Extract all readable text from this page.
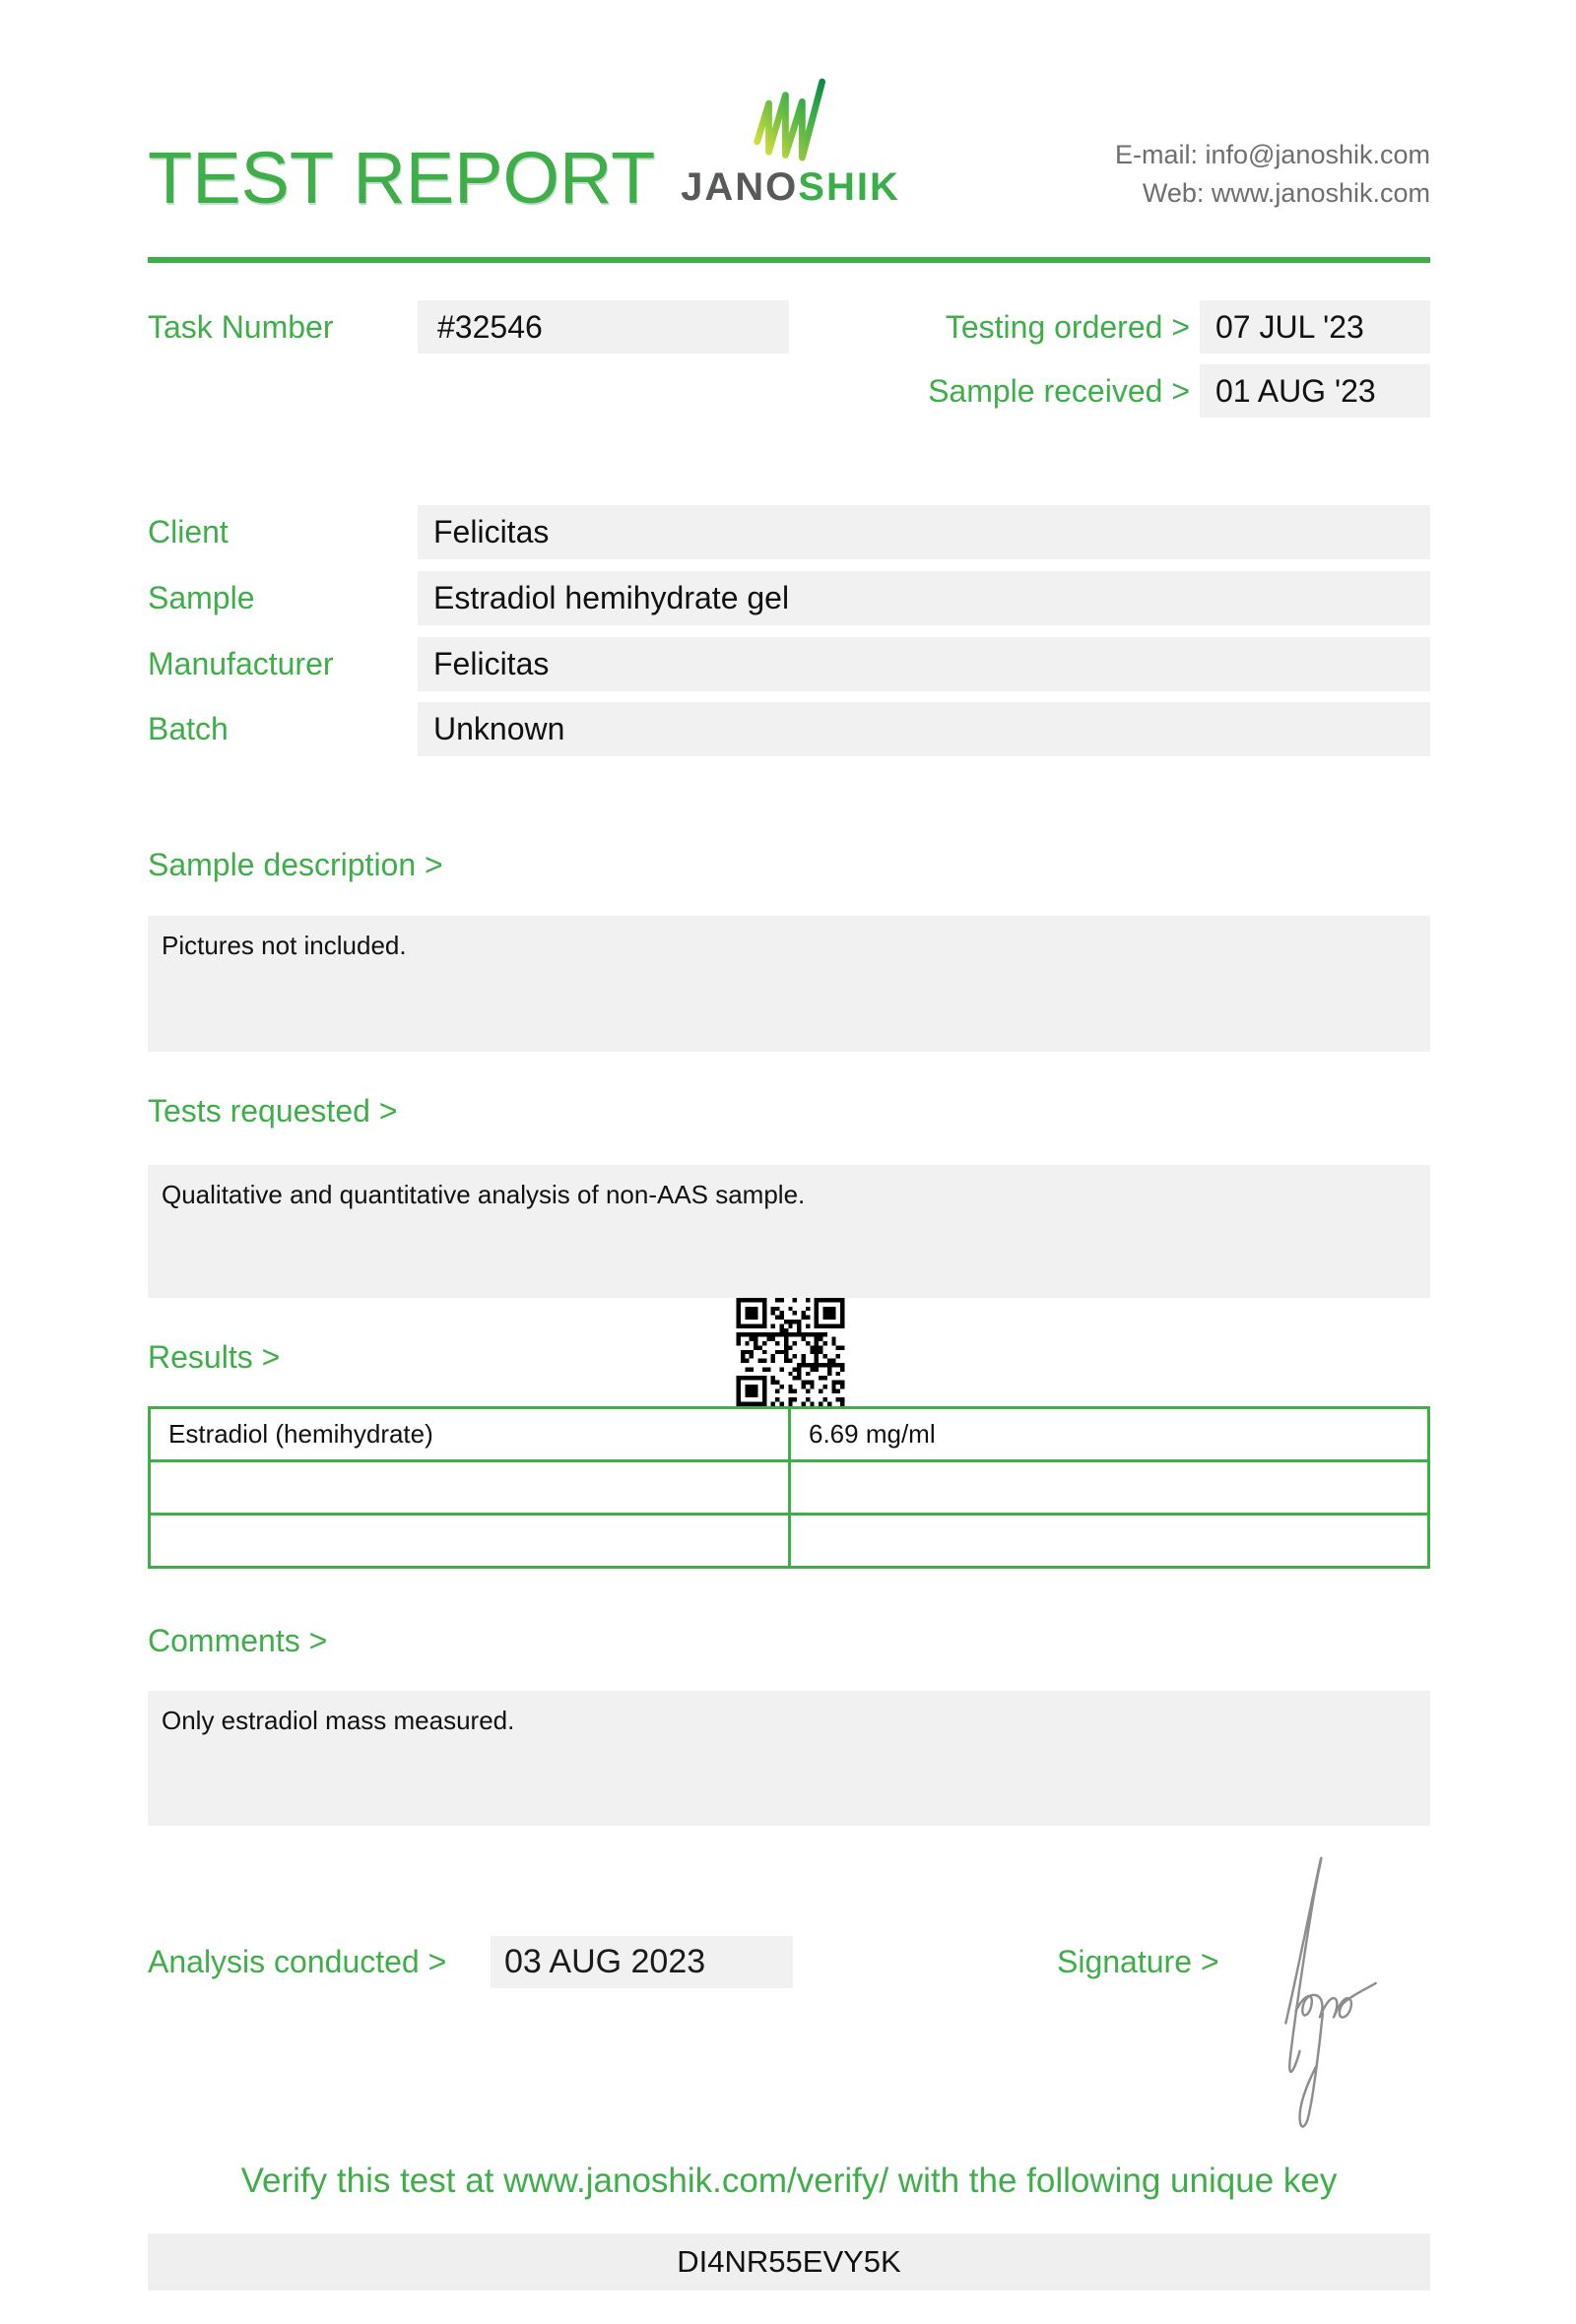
TEST REPORT JANOSHIK
E-mail: info@janoshik.com
Web: www.janoshik.com
Task Number	#32546	Testing ordered > 07 JUL '23
Sample received > 01 AUG '23
Client	Felicitas
Sample	Estradiol hemihydrate gel
Manufacturer	Felicitas
Batch	Unknown
Sample description >
Pictures not included.
Tests requested >
Qualitative and quantitative analysis of non-AAS sample.
Results >
Estradiol (hemihydrate)	6.69 mg/ml

Comments >
Only estradiol mass measured.
Analysis conducted >	03 AUG 2023	Signature >
Verify this test at www.janoshik.com/verify/ with the following unique key
DI4NR55EVY5K
